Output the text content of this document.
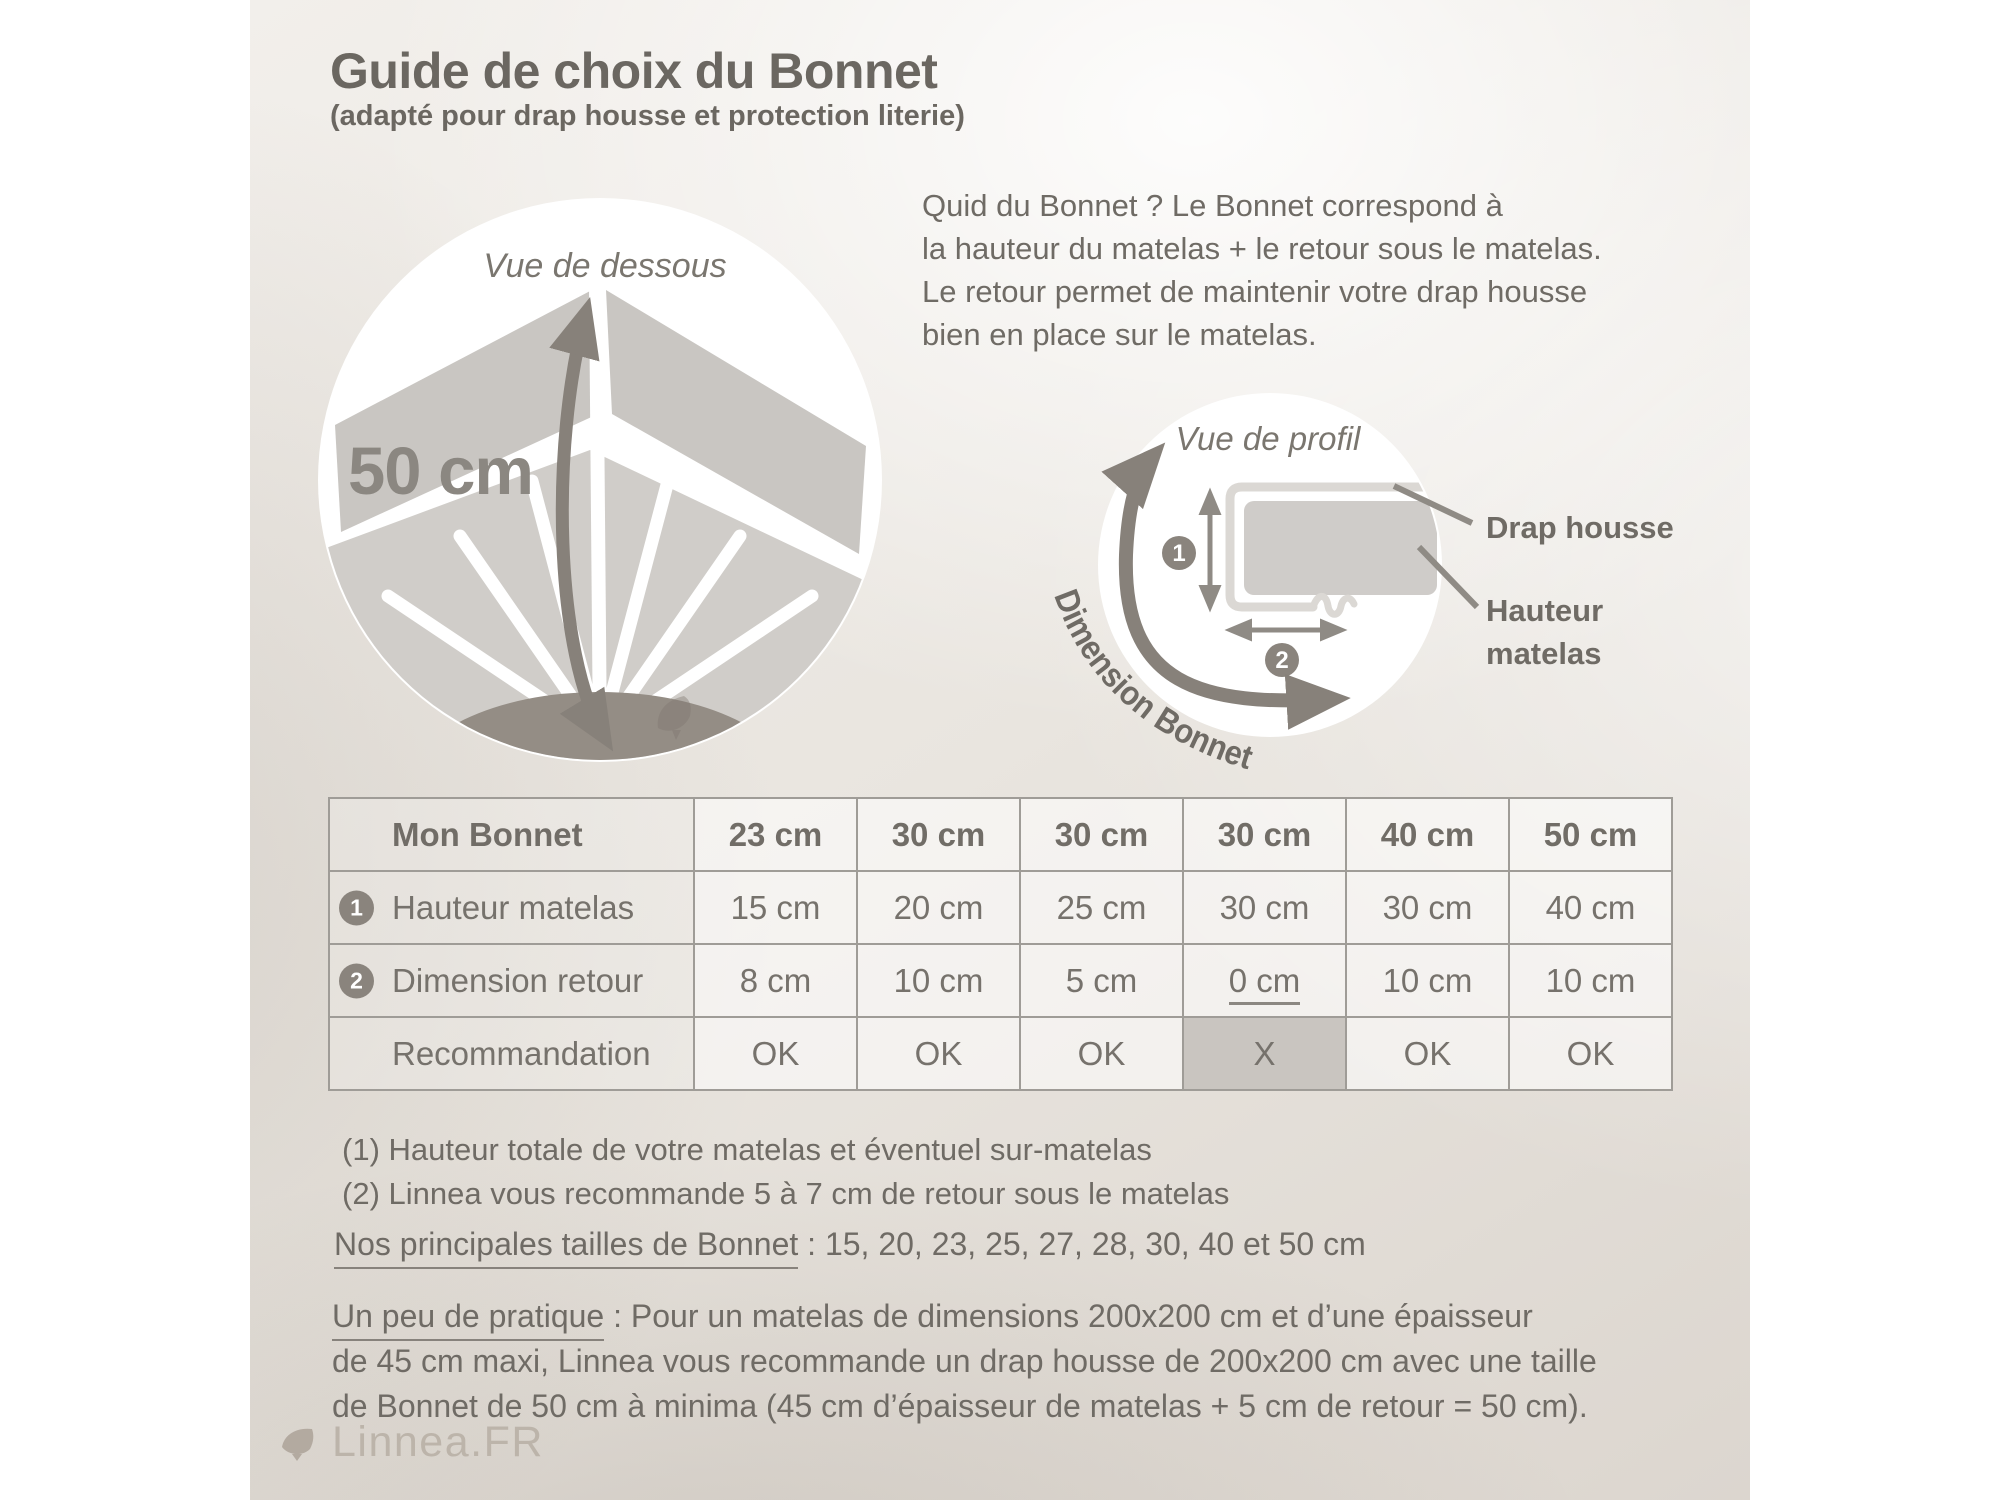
Guide de choix du Bonnet
(adapté pour drap housse et protection literie)
Vue de dessous
50 cm
Quid du Bonnet ? Le Bonnet correspond à
la hauteur du matelas + le retour sous le matelas.
Le retour permet de maintenir votre drap housse
bien en place sur le matelas.
1
2
Vue de profil
Dimension Bonnet
Drap housse
Hauteur matelas
Mon Bonnet	23 cm	30 cm	30 cm	30 cm	40 cm	50 cm

1 Hauteur matelas	15 cm	20 cm	25 cm	30 cm	30 cm	40 cm

2 Dimension retour	8 cm	10 cm	5 cm	0 cm	10 cm	10 cm
Recommandation	OK	OK	OK	X	OK	OK
(1) Hauteur totale de votre matelas et éventuel sur-matelas
(2) Linnea vous recommande 5 à 7 cm de retour sous le matelas
Nos principales tailles de Bonnet : 15, 20, 23, 25, 27, 28, 30, 40 et 50 cm
Un peu de pratique : Pour un matelas de dimensions 200x200 cm et d’une épaisseur
de 45 cm maxi, Linnea vous recommande un drap housse de 200x200 cm avec une taille
de Bonnet de 50 cm à minima (45 cm d’épaisseur de matelas + 5 cm de retour = 50 cm).
Linnea.FR
